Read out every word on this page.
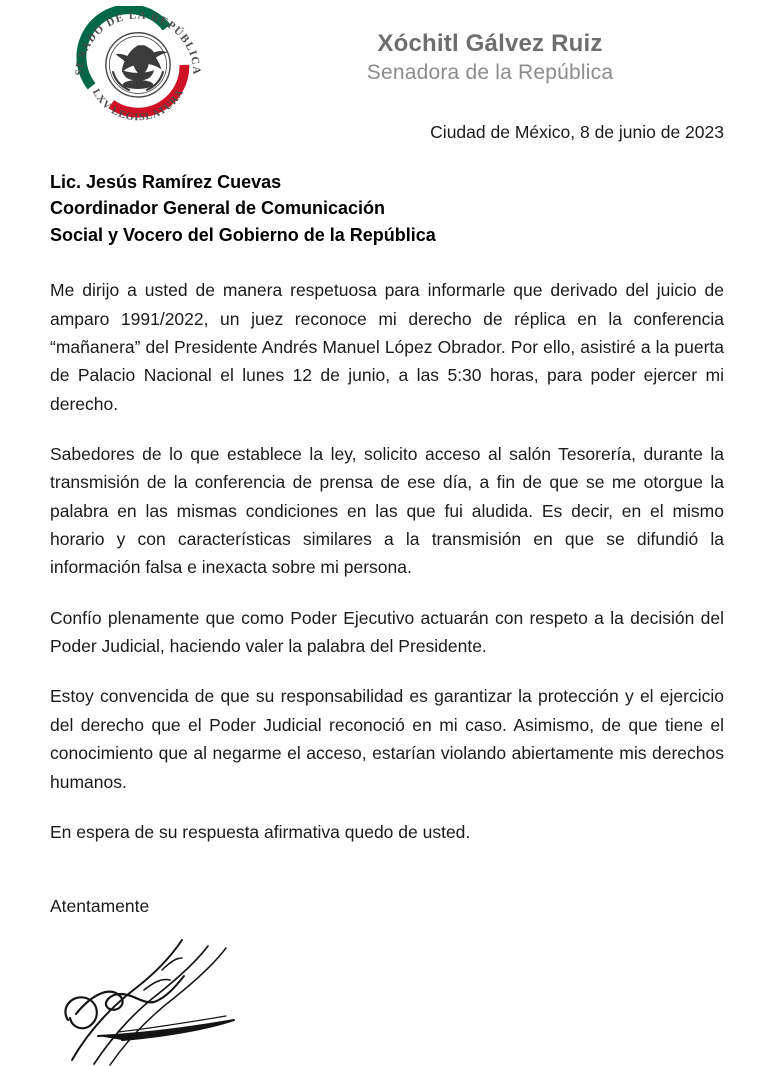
SENADO DE LA REPÚBLICA
LXV LEGISLATURA
Xóchitl Gálvez Ruiz
Senadora de la República
Ciudad de México, 8 de junio de 2023
Lic. Jesús Ramírez Cuevas
Coordinador General de Comunicación
Social y Vocero del Gobierno de la República

Me dirijo a usted de manera respetuosa para informarle que derivado del juicio de amparo 1991/2022, un juez reconoce mi derecho de réplica en la conferencia “mañanera” del Presidente Andrés Manuel López Obrador. Por ello, asistiré a la puerta de Palacio Nacional el lunes 12 de junio, a las 5:30 horas, para poder ejercer mi derecho.

Sabedores de lo que establece la ley, solicito acceso al salón Tesorería, durante la transmisión de la conferencia de prensa de ese día, a fin de que se me otorgue la palabra en las mismas condiciones en las que fui aludida. Es decir, en el mismo horario y con características similares a la transmisión en que se difundió la información falsa e inexacta sobre mi persona.

Confío plenamente que como Poder Ejecutivo actuarán con respeto a la decisión del Poder Judicial, haciendo valer la palabra del Presidente.

Estoy convencida de que su responsabilidad es garantizar la protección y el ejercicio del derecho que el Poder Judicial reconoció en mi caso. Asimismo, de que tiene el conocimiento que al negarme el acceso, estarían violando abiertamente mis derechos humanos.

En espera de su respuesta afirmativa quedo de usted.

Atentamente
